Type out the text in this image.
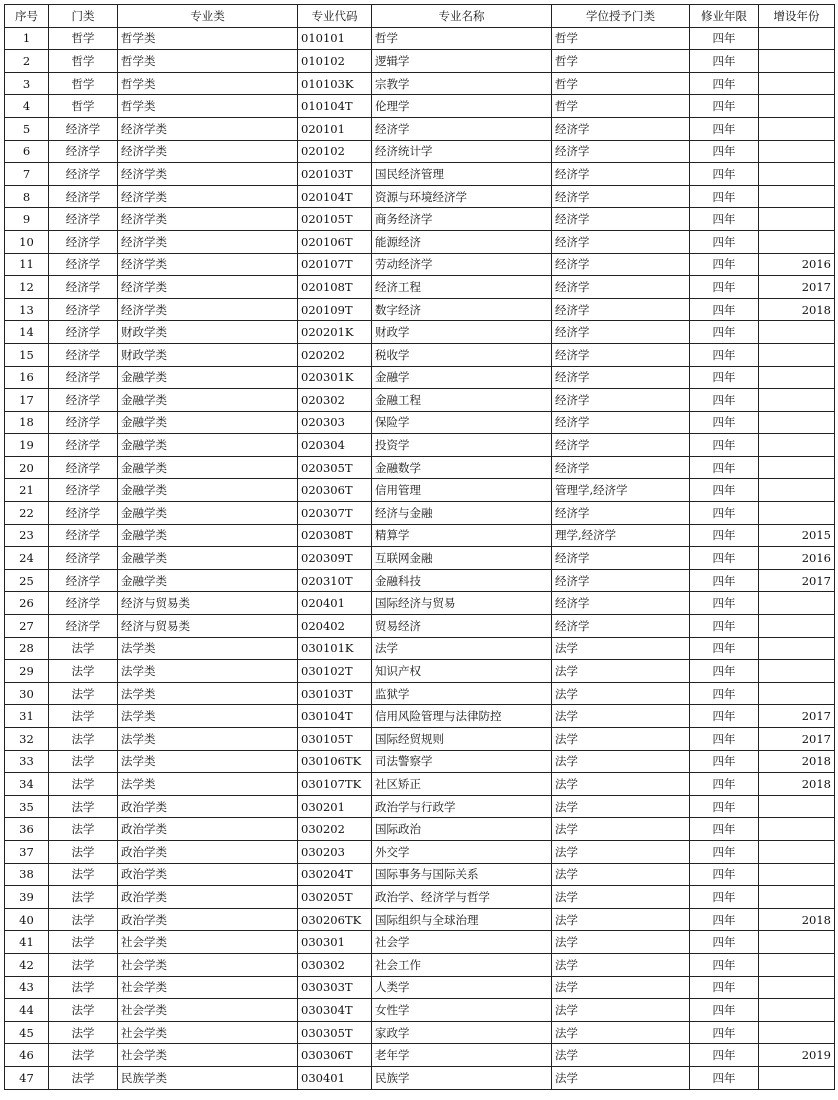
序号	门类	专业类	专业代码	专业名称	学位授予门类	修业年限	增设年份
1	哲学	哲学类	010101	哲学	哲学	四年	
2	哲学	哲学类	010102	逻辑学	哲学	四年	
3	哲学	哲学类	010103K	宗教学	哲学	四年	
4	哲学	哲学类	010104T	伦理学	哲学	四年	
5	经济学	经济学类	020101	经济学	经济学	四年	
6	经济学	经济学类	020102	经济统计学	经济学	四年	
7	经济学	经济学类	020103T	国民经济管理	经济学	四年	
8	经济学	经济学类	020104T	资源与环境经济学	经济学	四年	
9	经济学	经济学类	020105T	商务经济学	经济学	四年	
10	经济学	经济学类	020106T	能源经济	经济学	四年	
11	经济学	经济学类	020107T	劳动经济学	经济学	四年	2016
12	经济学	经济学类	020108T	经济工程	经济学	四年	2017
13	经济学	经济学类	020109T	数字经济	经济学	四年	2018
14	经济学	财政学类	020201K	财政学	经济学	四年	
15	经济学	财政学类	020202	税收学	经济学	四年	
16	经济学	金融学类	020301K	金融学	经济学	四年	
17	经济学	金融学类	020302	金融工程	经济学	四年	
18	经济学	金融学类	020303	保险学	经济学	四年	
19	经济学	金融学类	020304	投资学	经济学	四年	
20	经济学	金融学类	020305T	金融数学	经济学	四年	
21	经济学	金融学类	020306T	信用管理	管理学,经济学	四年	
22	经济学	金融学类	020307T	经济与金融	经济学	四年	
23	经济学	金融学类	020308T	精算学	理学,经济学	四年	2015
24	经济学	金融学类	020309T	互联网金融	经济学	四年	2016
25	经济学	金融学类	020310T	金融科技	经济学	四年	2017
26	经济学	经济与贸易类	020401	国际经济与贸易	经济学	四年	
27	经济学	经济与贸易类	020402	贸易经济	经济学	四年	
28	法学	法学类	030101K	法学	法学	四年	
29	法学	法学类	030102T	知识产权	法学	四年	
30	法学	法学类	030103T	监狱学	法学	四年	
31	法学	法学类	030104T	信用风险管理与法律防控	法学	四年	2017
32	法学	法学类	030105T	国际经贸规则	法学	四年	2017
33	法学	法学类	030106TK	司法警察学	法学	四年	2018
34	法学	法学类	030107TK	社区矫正	法学	四年	2018
35	法学	政治学类	030201	政治学与行政学	法学	四年	
36	法学	政治学类	030202	国际政治	法学	四年	
37	法学	政治学类	030203	外交学	法学	四年	
38	法学	政治学类	030204T	国际事务与国际关系	法学	四年	
39	法学	政治学类	030205T	政治学、经济学与哲学	法学	四年	
40	法学	政治学类	030206TK	国际组织与全球治理	法学	四年	2018
41	法学	社会学类	030301	社会学	法学	四年	
42	法学	社会学类	030302	社会工作	法学	四年	
43	法学	社会学类	030303T	人类学	法学	四年	
44	法学	社会学类	030304T	女性学	法学	四年	
45	法学	社会学类	030305T	家政学	法学	四年	
46	法学	社会学类	030306T	老年学	法学	四年	2019
47	法学	民族学类	030401	民族学	法学	四年	
